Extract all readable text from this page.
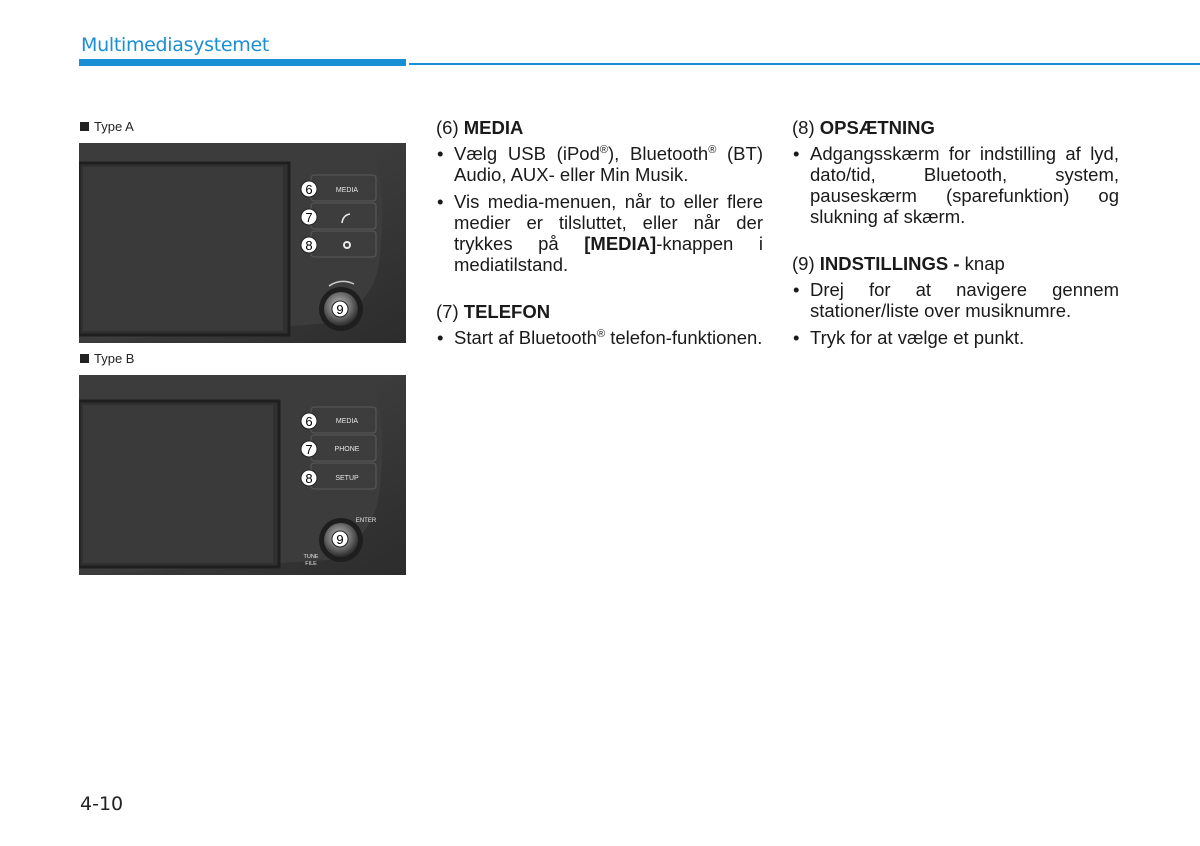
Multimediasystemet
Type A
MEDIA
6
7
8
9
Type B
MEDIA
PHONE
SETUP
ENTER
TUNE
FILE
6
7
8
9
(6) MEDIA
• Vælg USB (iPod®), Bluetooth® (BT) Audio, AUX- eller Min Musik.
• Vis media-menuen, når to eller flere medier er tilsluttet, eller når der trykkes på [MEDIA]-knappen i mediatilstand.
(7) TELEFON
• Start af Bluetooth® telefon-funktionen.
(8) OPSÆTNING
• Adgangsskærm for indstilling af lyd, dato/tid, Bluetooth, system, pauseskærm (sparefunktion) og slukning af skærm.
(9) INDSTILLINGS - knap
• Drej for at navigere gennem stationer/liste over musiknumre.
• Tryk for at vælge et punkt.
4-10
